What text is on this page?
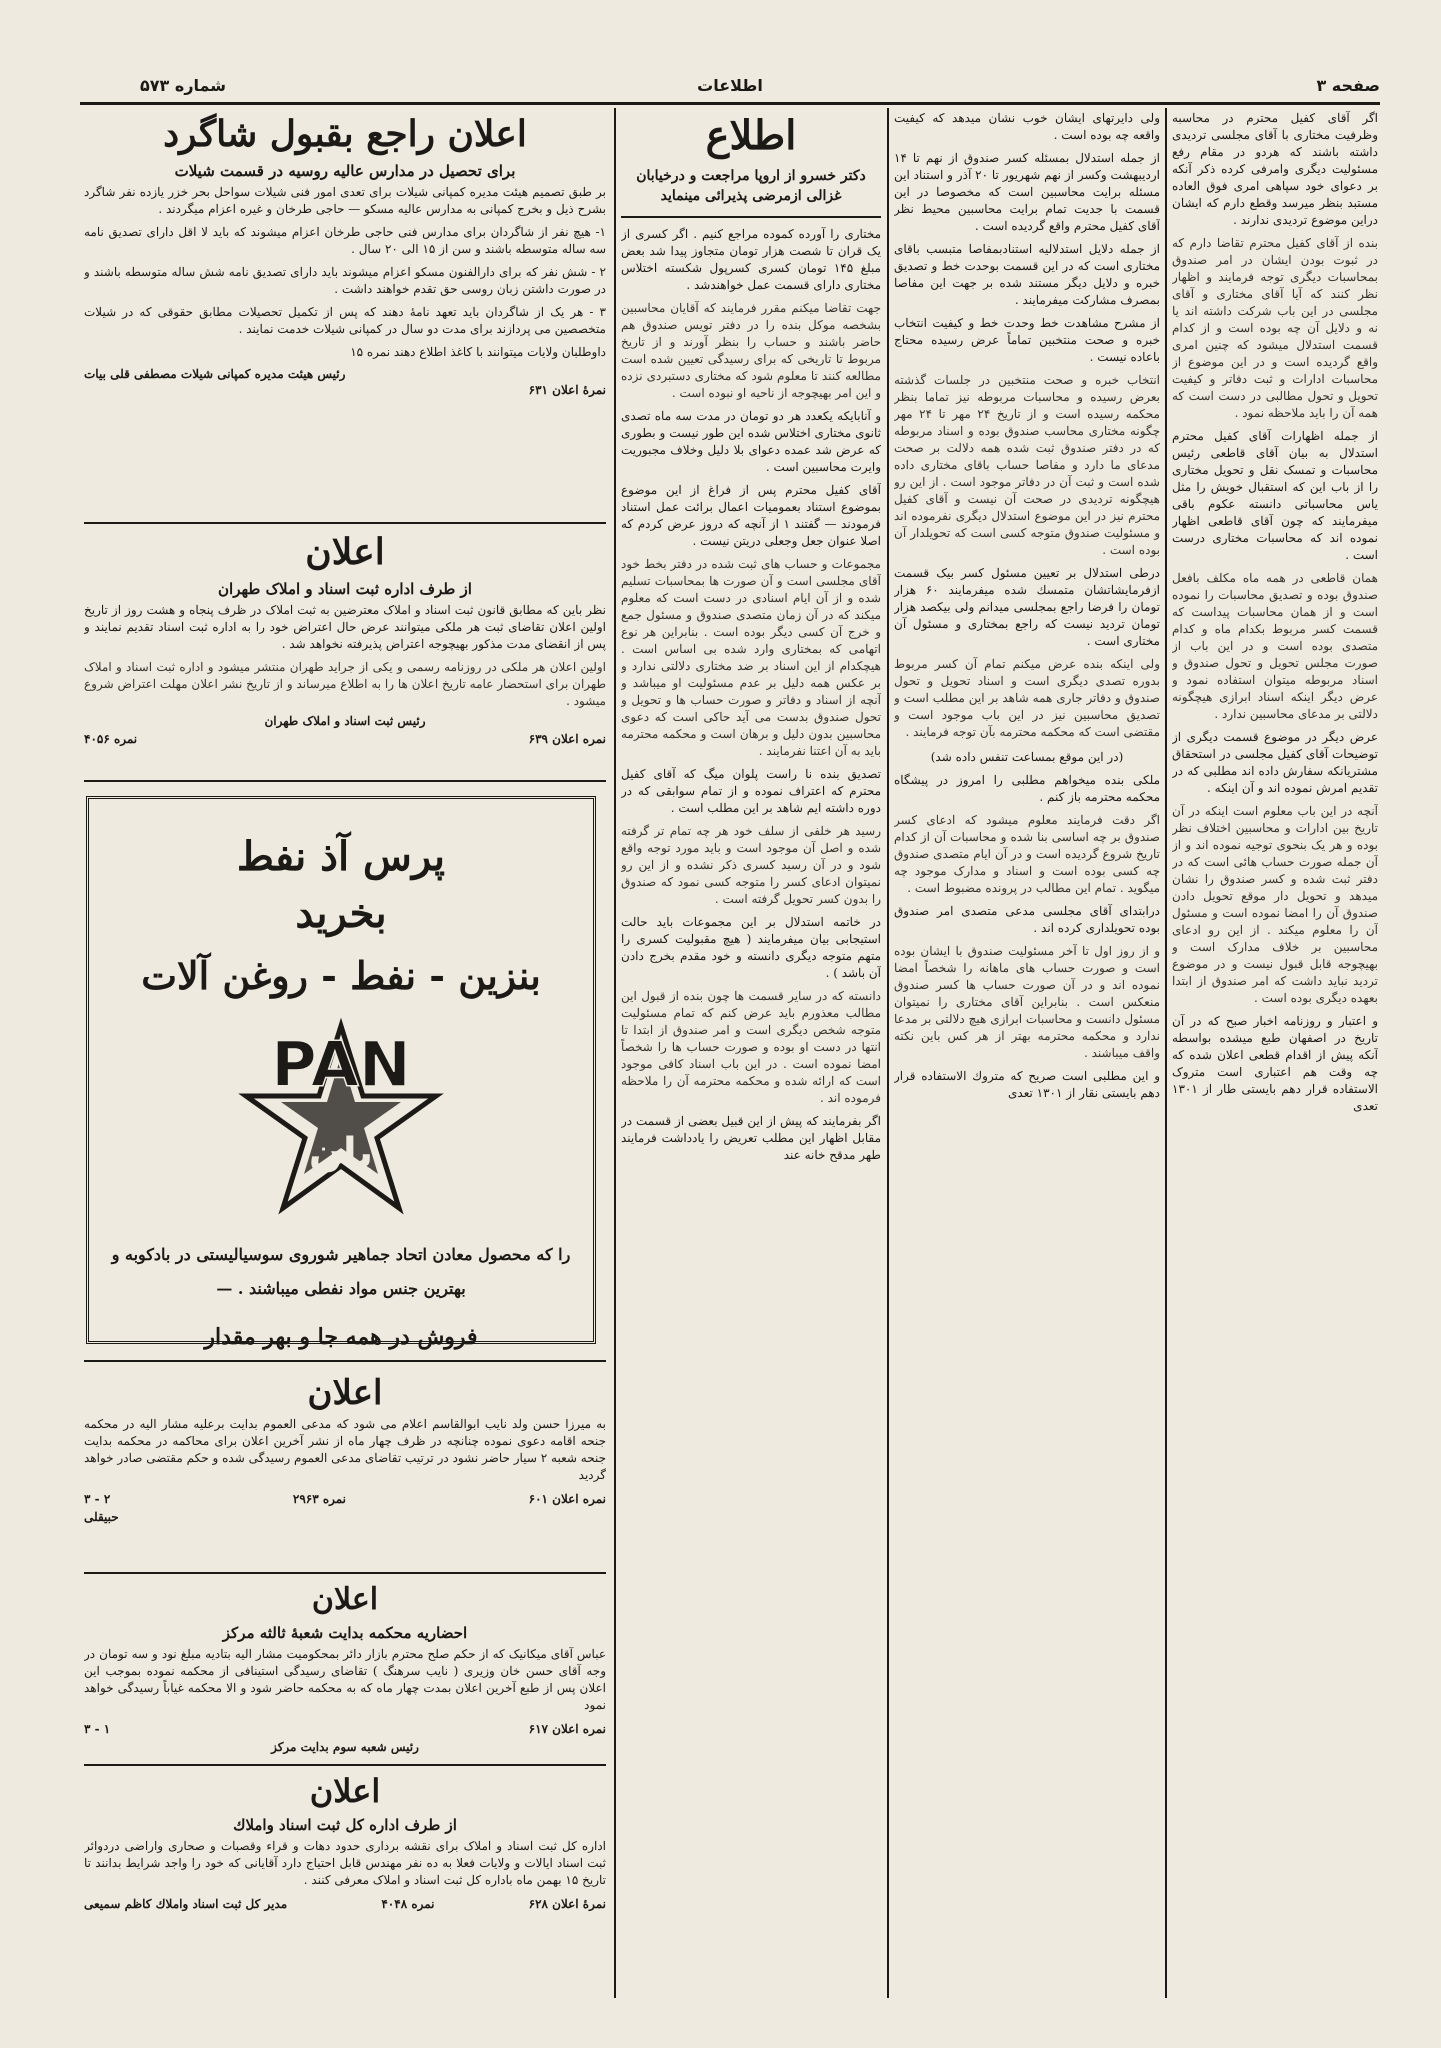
صفحه ۳
اطلاعات
شماره ۵۷۳

اگر آقای کفیل محترم در محاسبه وظرفیت مختاری با آقای مجلسی تردیدی داشته باشند که هردو در مقام رفع مسئولیت دیگری وامرفی کرده ذکر آنکه بر دعوای خود سپاهی امری فوق العاده مستبد بنظر میرسد وقطع دارم که ایشان دراین موضوع تردیدی ندارند .

بنده از آقای کفیل محترم تقاضا دارم که در ثبوت بودن ایشان در امر صندوق بمحاسبات دیگری توجه فرمایند و اظهار نظر کنند که آیا آقای مختاری و آقای مجلسی در این باب شرکت داشته اند یا نه و دلایل آن چه بوده است و از کدام قسمت استدلال میشود که چنین امری واقع گردیده است و در این موضوع از محاسبات ادارات و ثبت دفاتر و کیفیت تحویل و تحول مطالبی در دست است که همه آن را باید ملاحظه نمود .

از جمله اظهارات آقای کفیل محترم استدلال به بیان آقای قاطعی رئیس محاسبات و تمسک نقل و تحویل مختاری را از باب این که استقبال خویش را مثل یاس محاسباتی دانسته عکوم باقی میفرمایند که چون آقای قاطعی اظهار نموده اند که محاسبات مختاری درست است .

همان قاطعی در همه ماه مکلف بافعل صندوق بوده و تصدیق محاسبات را نموده است و از همان محاسبات پیداست که قسمت کسر مربوط بکدام ماه و کدام متصدی بوده است و در این باب از صورت مجلس تحویل و تحول صندوق و اسناد مربوطه میتوان استفاده نمود و عرض دیگر اینکه اسناد ابرازی هیچگونه دلالتی بر مدعای محاسبین ندارد .

عرض دیگر در موضوع قسمت دیگری از توضیحات آقای کفیل مجلسی در استحقاق مشتریانکه سفارش داده اند مطلبی که در تقدیم امرش نموده اند و آن اینکه .

آنچه در این باب معلوم است اینکه در آن تاریخ بین ادارات و محاسبین اختلاف نظر بوده و هر یک بنحوی توجیه نموده اند و از آن جمله صورت حساب هائی است که در دفتر ثبت شده و کسر صندوق را نشان میدهد و تحویل دار موقع تحویل دادن صندوق آن را امضا نموده است و مسئول آن را معلوم میکند . از این رو ادعای محاسبین بر خلاف مدارک است و بهیچوجه قابل قبول نیست و در موضوع تردید نباید داشت که امر صندوق از ابتدا بعهده دیگری بوده است .

و اعتبار و روزنامه اخبار صبح که در آن تاریخ در اصفهان طبع میشده بواسطه آنکه پیش از اقدام قطعی اعلان شده که چه وقت هم اعتباری است متروک الاستفاده قرار دهم بایستی طار از ۱۳۰۱ تعدی

ولی دایرتهای ایشان خوب نشان میدهد که کیفیت واقعه چه بوده است .

از جمله استدلال بمسئله کسر صندوق از نهم تا ۱۴ اردیبهشت وکسر از نهم شهریور تا ۲۰ آذر و استناد این مسئله برایت محاسبین است که مخصوصا در این قسمت با جدیت تمام برایت محاسبین محیط نظر آقای کفیل محترم واقع گردیده است .

از جمله دلایل استدلالیه استنادبمفاصا متبسب باقای مختاری است که در این قسمت بوحدت خط و تصدیق خبره و دلایل دیگر مستند شده بر جهت این مفاصا بمصرف مشارکت میفرمایند .

از مشرح مشاهدت خط وحدت خط و کیفیت انتخاب خبره و صحت منتخبین تماماً عرض رسیده محتاج باعاده نیست .

انتخاب خبره و صحت منتخبین در جلسات گذشته بعرض رسیده و محاسبات مربوطه نیز تماما بنظر محکمه رسیده است و از تاریخ ۲۴ مهر تا ۲۴ مهر چگونه مختاری محاسب صندوق بوده و اسناد مربوطه که در دفتر صندوق ثبت شده همه دلالت بر صحت مدعای ما دارد و مفاصا حساب باقای مختاری داده شده است و ثبت آن در دفاتر موجود است . از این رو هیچگونه تردیدی در صحت آن نیست و آقای کفیل محترم نیز در این موضوع استدلال دیگری نفرموده اند و مسئولیت صندوق متوجه کسی است که تحویلدار آن بوده است .

درطی استدلال بر تعیین مسئول کسر بیک قسمت ازفرمایشاتشان متمسك شده میفرمایند ۶۰ هزار تومان را فرضا راجع بمجلسی میدانم ولی بیکصد هزار تومان تردید نیست که راجع بمختاری و مسئول آن مختاری است .

ولی اینکه بنده عرض میکنم تمام آن کسر مربوط بدوره تصدی دیگری است و اسناد تحویل و تحول صندوق و دفاتر جاری همه شاهد بر این مطلب است و تصدیق محاسبین نیز در این باب موجود است و مقتضی است که محکمه محترمه بآن توجه فرمایند .

(در این موقع بمساعت تنفس داده شد)

ملکی بنده میخواهم مطلبی را امروز در پیشگاه محکمه محترمه باز کنم .

اگر دقت فرمایند معلوم میشود که ادعای کسر صندوق بر چه اساسی بنا شده و محاسبات آن از کدام تاریخ شروع گردیده است و در آن ایام متصدی صندوق چه کسی بوده است و اسناد و مدارک موجود چه میگوید . تمام این مطالب در پرونده مضبوط است .

درابتدای آقای مجلسی مدعی متصدی امر صندوق بوده تحویلداری کرده اند .

و از روز اول تا آخر مسئولیت صندوق با ایشان بوده است و صورت حساب های ماهانه را شخصاً امضا نموده اند و در آن صورت حساب ها کسر صندوق منعکس است . بنابراین آقای مختاری را نمیتوان مسئول دانست و محاسبات ابرازی هیچ دلالتی بر مدعا ندارد و محکمه محترمه بهتر از هر کس باین نکته واقف میباشند .

و این مطلبی است صریح که متروك الاستفاده قرار دهم بایستی نقار از ۱۳۰۱ تعدی

اطلاع
دکتر خسرو از اروپا مراجعت و درخیابان غزالی ازمرضی پذیرائی مینماید

مختاری را آورده کموده مراجع کنیم . اگر کسری از یک قران تا شصت هزار تومان متجاوز پیدا شد بعض مبلغ ۱۴۵ تومان کسری کسرپول شکسته اختلاس مختاری دارای قسمت عمل خواهندشد .

جهت تقاضا میکنم مقرر فرمایند که آقایان محاسبین بشخصه موکل بنده را در دفتر تویس صندوق هم حاضر باشند و حساب را بنظر آورند و از تاریخ مربوط تا تاریخی که برای رسیدگی تعیین شده است مطالعه کنند تا معلوم شود که مختاری دستبردی نزده و این امر بهیچوجه از ناحیه او نبوده است .

و آنابایکه یکعدد هر دو تومان در مدت سه ماه تصدی ثانوی مختاری اختلاس شده این طور نیست و بطوری که عرض شد عمده دعوای بلا دلیل وخلاف مجبوریت وایرت محاسبین است .

آقای کفیل محترم پس از فراغ از این موضوع بموضوع استناد بعمومیات اعمال برائت عمل استناد فرمودند — گفتند ۱ از آنچه که دروز عرض کردم که اصلا عنوان جعل وجعلی دریتن نیست .

مجموعات و حساب های ثبت شده در دفتر بخط خود آقای مجلسی است و آن صورت ها بمحاسبات تسلیم شده و از آن ایام اسنادی در دست است که معلوم میکند که در آن زمان متصدی صندوق و مسئول جمع و خرج آن کسی دیگر بوده است . بنابراین هر نوع اتهامی که بمختاری وارد شده بی اساس است . هیچکدام از این اسناد بر ضد مختاری دلالتی ندارد و بر عکس همه دلیل بر عدم مسئولیت او میباشد و آنچه از اسناد و دفاتر و صورت حساب ها و تحویل و تحول صندوق بدست می آید حاکی است که دعوی محاسبین بدون دلیل و برهان است و محکمه محترمه باید به آن اعتنا نفرمایند .

تصدیق بنده نا راست پلوان میگ که آقای کفیل محترم که اعتراف نموده و از تمام سوابقی که در دوره داشته ایم شاهد بر این مطلب است .

رسید هر خلفی از سلف خود هر چه تمام تر گرفته شده و اصل آن موجود است و باید مورد توجه واقع شود و در آن رسید کسری ذکر نشده و از این رو نمیتوان ادعای کسر را متوجه کسی نمود که صندوق را بدون کسر تحویل گرفته است .

در خاتمه استدلال بر این مجموعات باید حالت استیجابی بیان میفرمایند ( هیچ مقبولیت کسری را متهم متوجه دیگری دانسته و خود مقدم بخرج دادن آن باشد ) .

دانسته که در سایر قسمت ها چون بنده از قبول این مطالب معذورم باید عرض کنم که تمام مسئولیت متوجه شخص دیگری است و امر صندوق از ابتدا تا انتها در دست او بوده و صورت حساب ها را شخصاً امضا نموده است . در این باب اسناد کافی موجود است که ارائه شده و محکمه محترمه آن را ملاحظه فرموده اند .

اگر بفرمایند که پیش از این قبیل بعضی از قسمت در مقابل اظهار این مطلب تعریض را یادداشت فرمایند طهر مدقح خانه عند

اعلان راجع بقبول شاگرد
برای تحصیل در مدارس عالیه روسیه در قسمت شیلات

بر طبق تصمیم هیئت مدیره کمپانی شیلات برای تعدی امور فنی شیلات سواحل بحر خزر یازده نفر شاگرد بشرح ذیل و بخرج کمپانی به مدارس عالیه مسکو — حاجی طرخان و غیره اعزام میگردند .

۱- هیچ نفر از شاگردان برای مدارس فنی حاجی طرخان اعزام میشوند که باید لا اقل دارای تصدیق نامه سه ساله متوسطه باشند و سن از ۱۵ الی ۲۰ سال .

۲ - شش نفر که برای دارالفنون مسکو اعزام میشوند باید دارای تصدیق نامه شش ساله متوسطه باشند و در صورت داشتن زبان روسی حق تقدم خواهند داشت .

۳ - هر یک از شاگردان باید تعهد نامهٔ دهند که پس از تکمیل تحصیلات مطابق حقوقی که در شیلات متخصصین می پردازند برای مدت دو سال در کمپانی شیلات خدمت نمایند .

داوطلبان ولایات میتوانند با کاغذ اطلاع دهند نمره ۱۵

رئیس هیئت مدیره کمپانی شیلات مصطفی قلی بیات
نمرهٔ اعلان ۶۳۱
اعلان
از طرف اداره ثبت اسناد و املاک طهران

نظر باین که مطابق قانون ثبت اسناد و املاک معترضین به ثبت املاک در ظرف پنجاه و هشت روز از تاریخ اولین اعلان تقاضای ثبت هر ملکی میتوانند عرض حال اعتراض خود را به اداره ثبت اسناد تقدیم نمایند و پس از انقضای مدت مذکور بهیچوجه اعتراض پذیرفته نخواهد شد .

اولین اعلان هر ملکی در روزنامه رسمی و یکی از جراید طهران منتشر میشود و اداره ثبت اسناد و املاک طهران برای استحضار عامه تاریخ اعلان ها را به اطلاع میرساند و از تاریخ نشر اعلان مهلت اعتراض شروع میشود .
رئیس ثبت اسناد و املاک طهران
نمره اعلان ۶۳۹
نمره ۴۰۵۶
پرس آذ نفط
بخرید
بنزین - نفط - روغن آلات
PAN
پان
را که محصول معادن اتحاد جماهیر شوروی سوسیالیستی در بادکوبه و بهترین جنس مواد نفطی میباشند . —
فروش در همه جا و بهر مقدار
اعلان

به میرزا حسن ولد نایب ابوالقاسم اعلام می شود که مدعی العموم بدایت برعلیه مشار الیه در محکمه جنحه اقامه دعوی نموده چنانچه در ظرف چهار ماه از نشر آخرین اعلان برای محاکمه در محکمه بدایت جنحه شعبه ۲ سیار حاضر نشود در ترتیب تقاضای مدعی العموم رسیدگی شده و حکم مقتضی صادر خواهد گردید

نمره اعلان ۶۰۱
نمره ۲۹۶۳
۲ - ۳
حبیقلی
اعلان
احضاریه محکمه بدایت شعبهٔ ثالثه مرکز

عباس آقای میکانیک که از حکم صلح محترم بازار دائر بمحکومیت مشار الیه بتادیه مبلغ نود و سه تومان در وجه آقای حسن خان وزیری ( نایب سرهنگ ) تقاضای رسیدگی استینافی از محکمه نموده بموجب این اعلان پس از طبع آخرین اعلان بمدت چهار ماه که به محکمه حاضر شود و الا محکمه غیاباً رسیدگی خواهد نمود

نمره اعلان ۶۱۷
۱ - ۳
رئیس شعبه سوم بدایت مرکز
اعلان
از طرف اداره کل ثبت اسناد واملاك

اداره کل ثبت اسناد و املاک برای نقشه برداری حدود دهات و قراء وقصبات و صحاری واراضی دردوائر ثبت اسناد ایالات و ولایات فعلا به ده نفر مهندس قابل احتیاج دارد آقایانی که خود را واجد شرایط بدانند تا تاریخ ۱۵ بهمن ماه باداره کل ثبت اسناد و املاک معرفی کنند .

نمرهٔ اعلان ۶۲۸
نمره ۴۰۴۸
مدیر کل ثبت اسناد واملاك کاظم سمیعی
